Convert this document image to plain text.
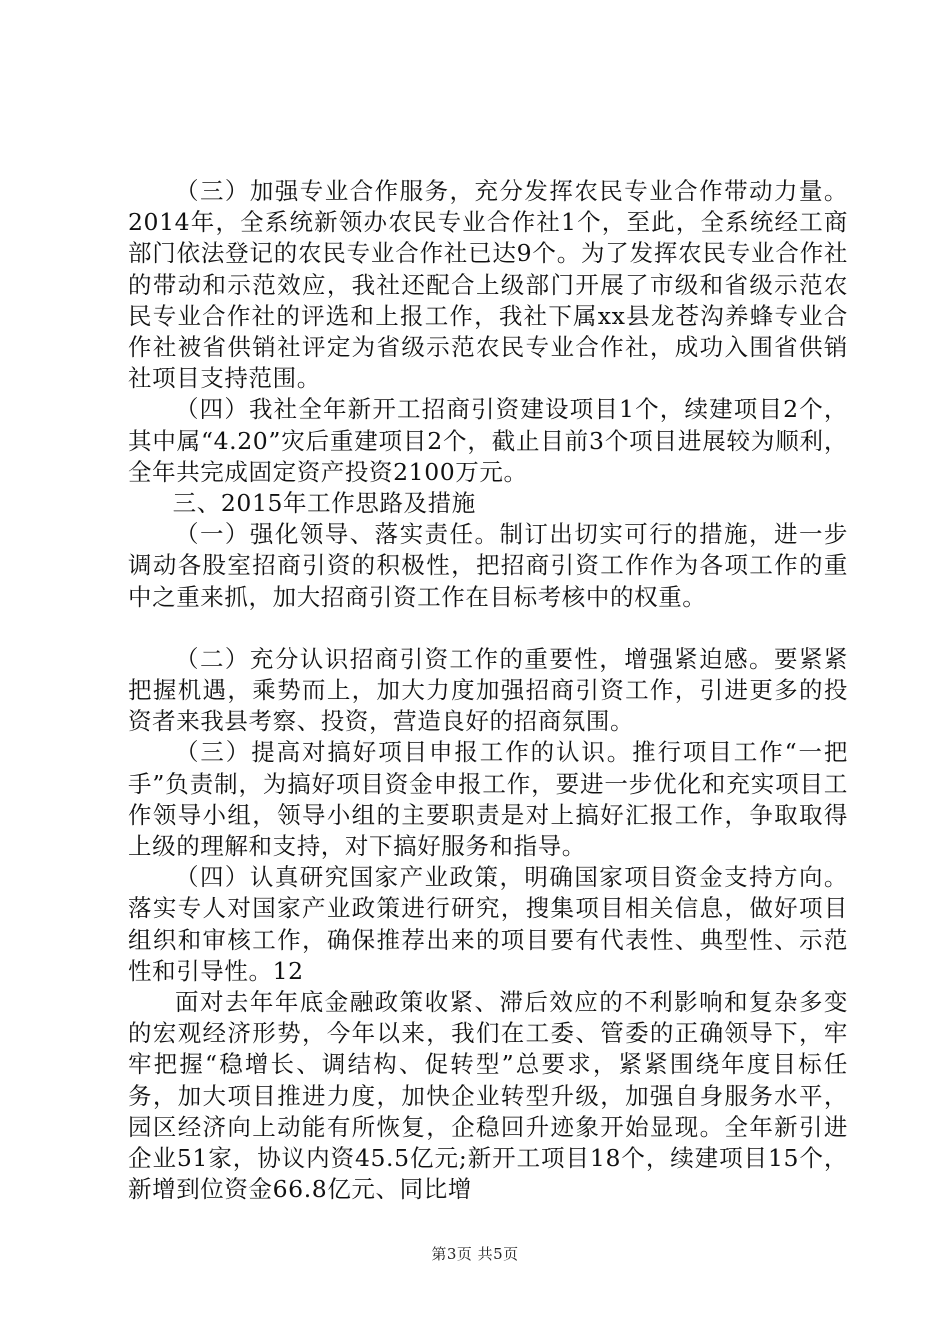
（三）加强专业合作服务，充分发挥农民专业合作带动力量。2014年，全系统新领办农民专业合作社1个，至此，全系统经工商部门依法登记的农民专业合作社已达9个。为了发挥农民专业合作社的带动和示范效应，我社还配合上级部门开展了市级和省级示范农民专业合作社的评选和上报工作，我社下属xx县龙苍沟养蜂专业合作社被省供销社评定为省级示范农民专业合作社，成功入围省供销社项目支持范围。

（四）我社全年新开工招商引资建设项目1个，续建项目2个，其中属“4.20”灾后重建项目2个，截止目前3个项目进展较为顺利，全年共完成固定资产投资2100万元。

三、2015年工作思路及措施

（一）强化领导、落实责任。制订出切实可行的措施，进一步调动各股室招商引资的积极性，把招商引资工作作为各项工作的重中之重来抓，加大招商引资工作在目标考核中的权重。

（二）充分认识招商引资工作的重要性，增强紧迫感。要紧紧把握机遇，乘势而上，加大力度加强招商引资工作，引进更多的投资者来我县考察、投资，营造良好的招商氛围。

（三）提高对搞好项目申报工作的认识。推行项目工作“一把手”负责制，为搞好项目资金申报工作，要进一步优化和充实项目工作领导小组，领导小组的主要职责是对上搞好汇报工作，争取取得上级的理解和支持，对下搞好服务和指导。

（四）认真研究国家产业政策，明确国家项目资金支持方向。落实专人对国家产业政策进行研究，搜集项目相关信息，做好项目组织和审核工作，确保推荐出来的项目要有代表性、典型性、示范性和引导性。12

面对去年年底金融政策收紧、滞后效应的不利影响和复杂多变的宏观经济形势，今年以来，我们在工委、管委的正确领导下，牢牢把握“稳增长、调结构、促转型”总要求，紧紧围绕年度目标任务，加大项目推进力度，加快企业转型升级，加强自身服务水平，园区经济向上动能有所恢复，企稳回升迹象开始显现。全年新引进企业51家，协议内资45.5亿元;新开工项目18个，续建项目15个，新增到位资金66.8亿元、同比增

第3页 共5页
